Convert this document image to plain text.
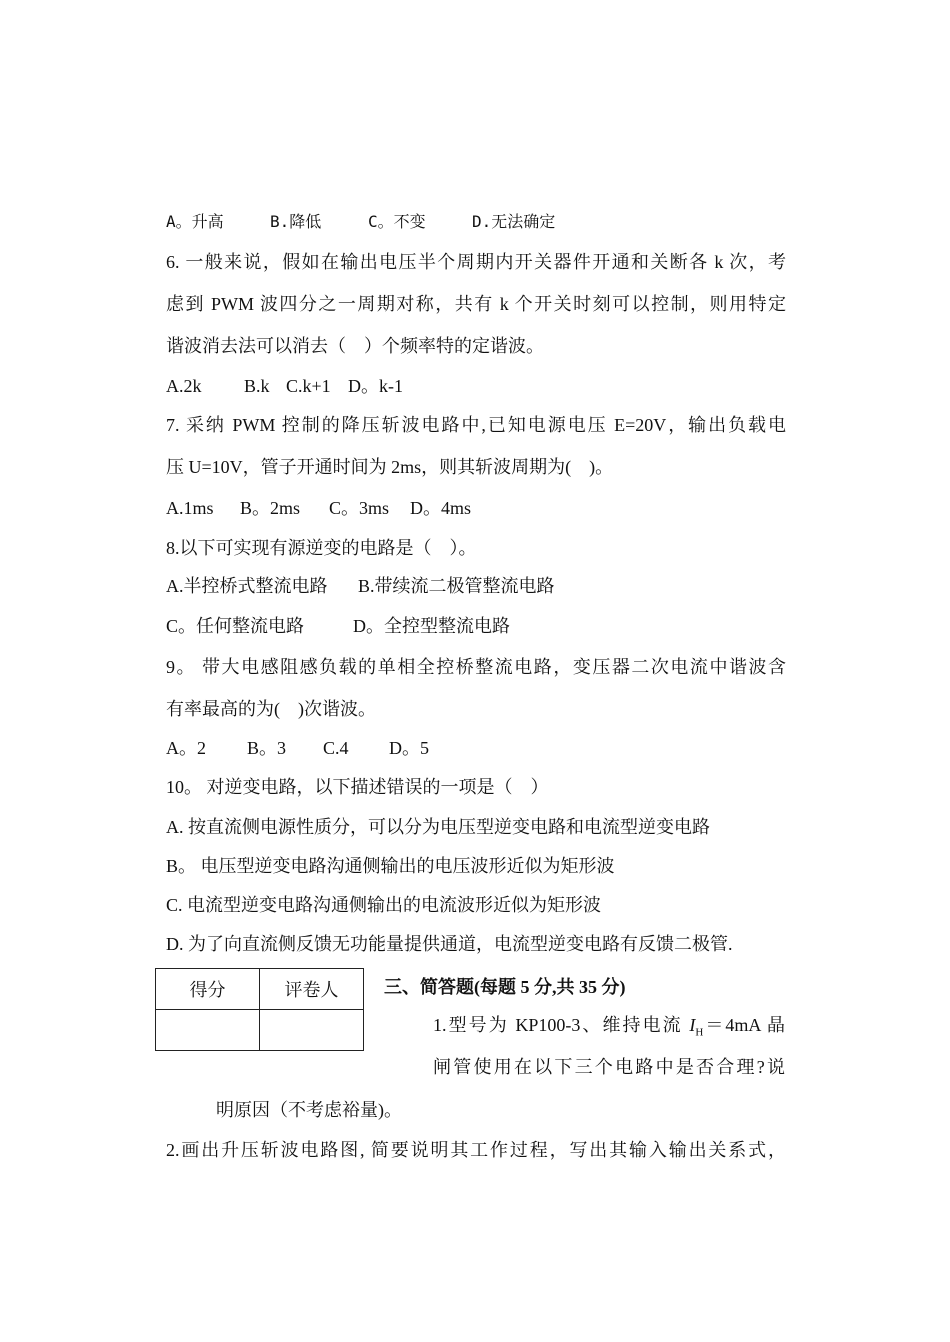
A。升高	B.降低	C。不变	D.无法确定
6. 一般来说，假如在输出电压半个周期内开关器件开通和关断各 k 次，考
虑到 PWM 波四分之一周期对称，共有 k 个开关时刻可以控制，则用特定
谐波消去法可以消去（　）个频率特的定谐波。
A.2k B.k C.k+1 D。k-1
7. 采纳 PWM 控制的降压斩波电路中,已知电源电压 E=20V，输出负载电
压 U=10V，管子开通时间为 2ms，则其斩波周期为(　)。
A.1ms B。2ms C。3ms D。4ms
8.以下可实现有源逆变的电路是（　）。
A.半控桥式整流电路 B.带续流二极管整流电路
C。任何整流电路	D。全控型整流电路
9。 带大电感阻感负载的单相全控桥整流电路，变压器二次电流中谐波含
有率最高的为(　)次谐波。
A。2 B。3 C.4 D。5
10。 对逆变电路，以下描述错误的一项是（　）
A. 按直流侧电源性质分，可以分为电压型逆变电路和电流型逆变电路
B。 电压型逆变电路沟通侧输出的电压波形近似为矩形波
C. 电流型逆变电路沟通侧输出的电流波形近似为矩形波
D. 为了向直流侧反馈无功能量提供通道，电流型逆变电路有反馈二极管.
得分	评卷人
		三、简答题(每题 5 分,共 35 分)
1.型号为 KP100-3、维持电流 $I_H=4mA$ 晶
闸管使用在以下三个电路中是否合理?说
明原因（不考虑裕量)。
2.画出升压斩波电路图, 简要说明其工作过程，写出其输入输出关系式，
